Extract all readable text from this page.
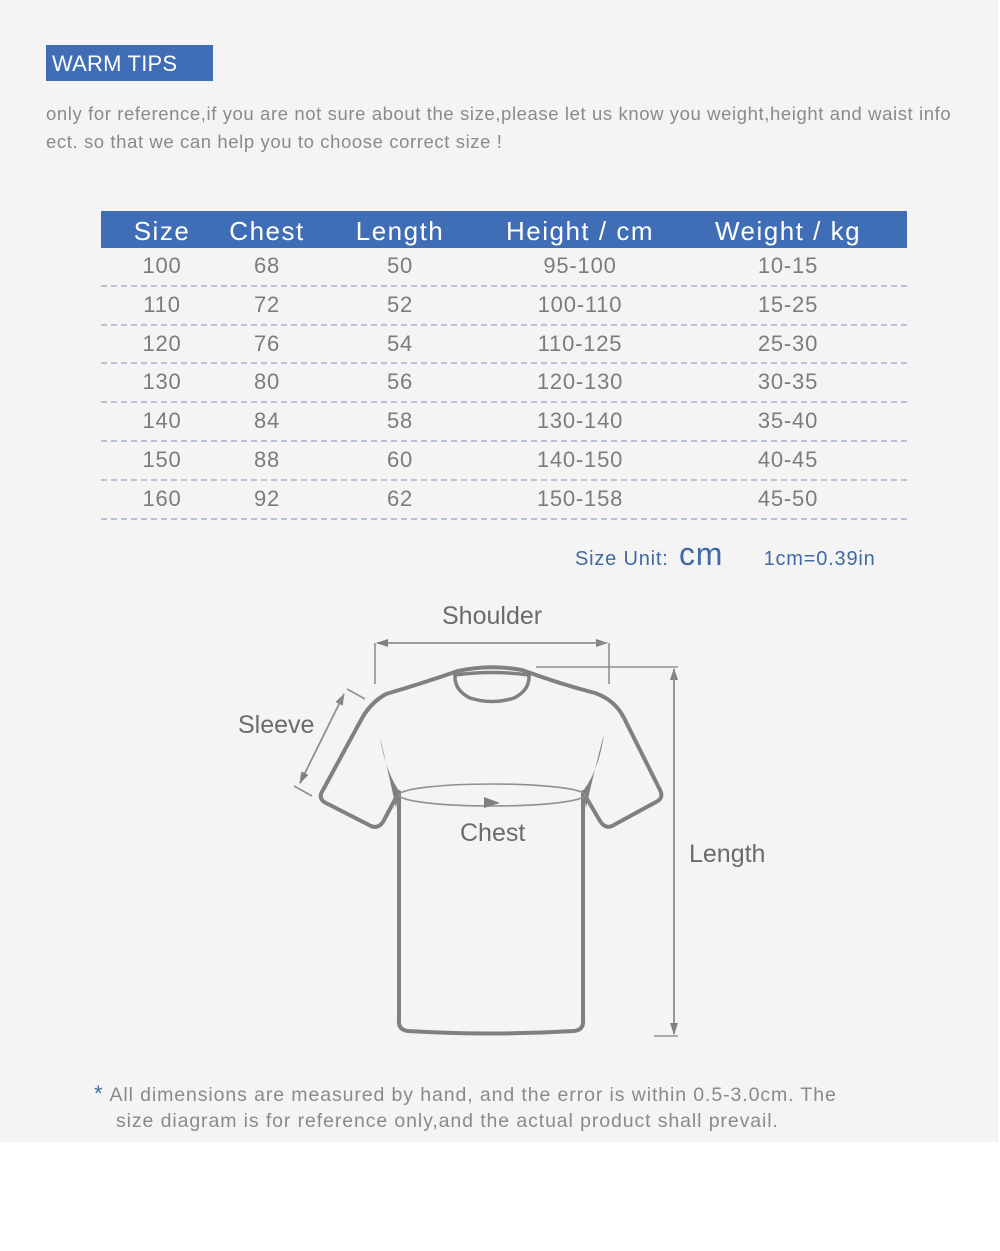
WARM TIPS
only for reference,if you are not sure about the size,please let us know you weight,height and waist info ect. so that we can help you to choose correct size !
Size Chest Length Height / cm Weight / kg
100	68	50	95-100	10-15
110	72	52	100-110	15-25
120	76	54	110-125	25-30
130	80	56	120-130	30-35
140	84	58	130-140	35-40
150	88	60	140-150	40-45
160	92	62	150-158	45-50
Size Unit: cm 1cm=0.39in
Shoulder
Sleeve
Chest
Length
* All dimensions are measured by hand, and the error is within 0.5-3.0cm. The
size diagram is for reference only,and the actual product shall prevail.
